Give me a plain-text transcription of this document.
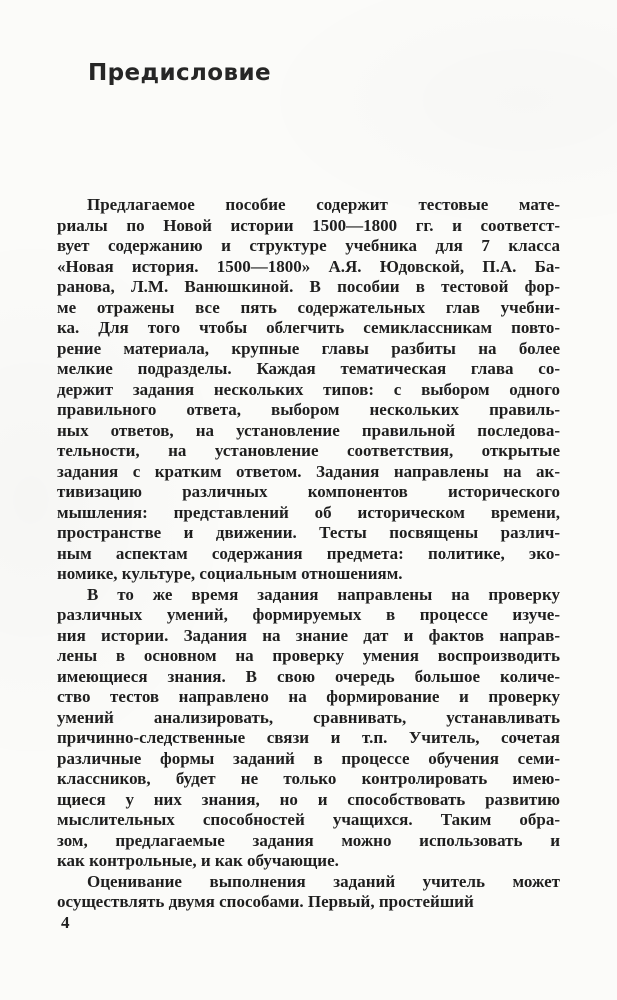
Предисловие
Предлагаемое пособие содержит тестовые мате-
риалы по Новой истории 1500—1800 гг. и соответст-
вует содержанию и структуре учебника для 7 класса
«Новая история. 1500—1800» А.Я. Юдовской, П.А. Ба-
ранова, Л.М. Ванюшкиной. В пособии в тестовой фор-
ме отражены все пять содержательных глав учебни-
ка. Для того чтобы облегчить семиклассникам повто-
рение материала, крупные главы разбиты на более
мелкие подразделы. Каждая тематическая глава со-
держит задания нескольких типов: с выбором одного
правильного ответа, выбором нескольких правиль-
ных ответов, на установление правильной последова-
тельности, на установление соответствия, открытые
задания с кратким ответом. Задания направлены на ак-
тивизацию различных компонентов исторического
мышления: представлений об историческом времени,
пространстве и движении. Тесты посвящены различ-
ным аспектам содержания предмета: политике, эко-
номике, культуре, социальным отношениям.
В то же время задания направлены на проверку
различных умений, формируемых в процессе изуче-
ния истории. Задания на знание дат и фактов направ-
лены в основном на проверку умения воспроизводить
имеющиеся знания. В свою очередь большое количе-
ство тестов направлено на формирование и проверку
умений анализировать, сравнивать, устанавливать
причинно-следственные связи и т.п. Учитель, сочетая
различные формы заданий в процессе обучения семи-
классников, будет не только контролировать имею-
щиеся у них знания, но и способствовать развитию
мыслительных способностей учащихся. Таким обра-
зом, предлагаемые задания можно использовать и
как контрольные, и как обучающие.
Оценивание выполнения заданий учитель может
осуществлять двумя способами. Первый, простейший
4
